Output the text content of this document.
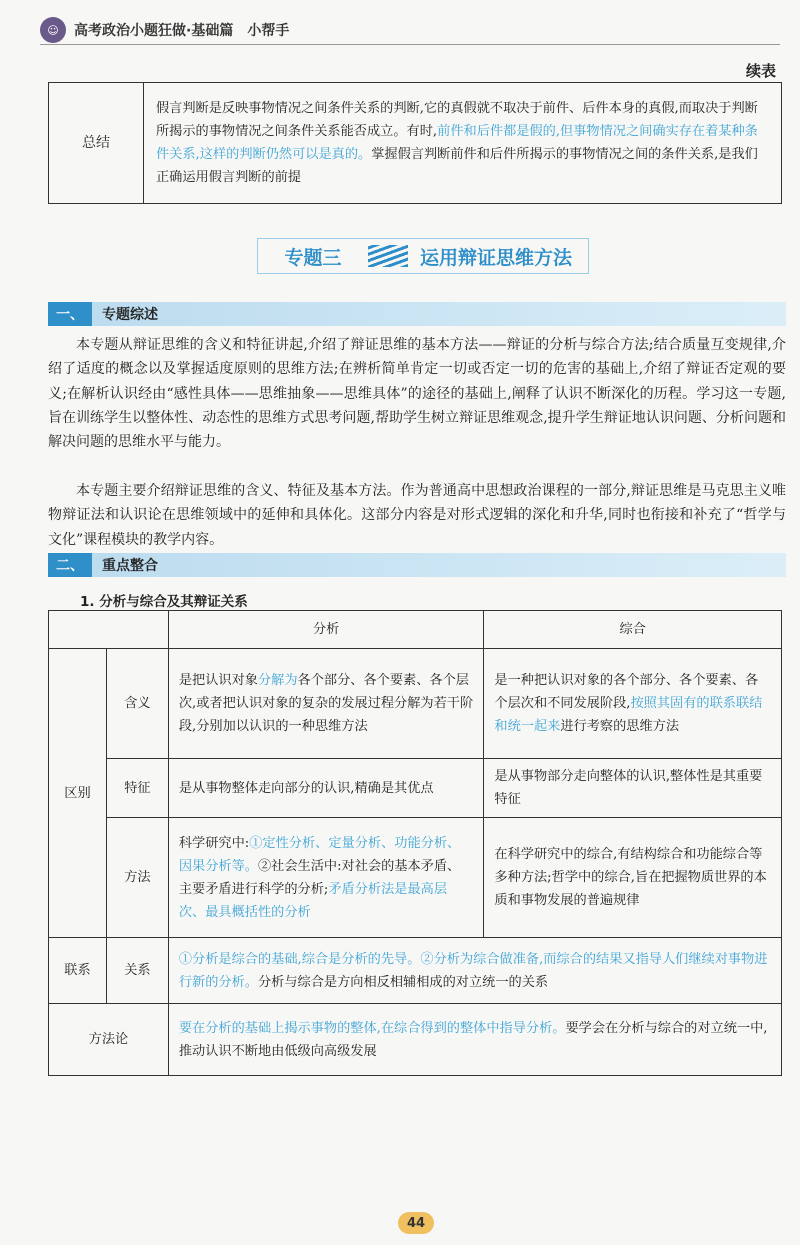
☺	高考政治小题狂做·基础篇　小帮手
续表
总结	假言判断是反映事物情况之间条件关系的判断,它的真假就不取决于前件、后件本身的真假,而取决于判断所揭示的事物情况之间条件关系能否成立。有时,前件和后件都是假的,但事物情况之间确实存在着某种条件关系,这样的判断仍然可以是真的。掌握假言判断前件和后件所揭示的事物情况之间的条件关系,是我们正确运用假言判断的前提
专题三	运用辩证思维方法
一、	专题综述
本专题从辩证思维的含义和特征讲起,介绍了辩证思维的基本方法——辩证的分析与综合方法;结合质量互变规律,介绍了适度的概念以及掌握适度原则的思维方法;在辨析简单肯定一切或否定一切的危害的基础上,介绍了辩证否定观的要义;在解析认识经由“感性具体——思维抽象——思维具体”的途径的基础上,阐释了认识不断深化的历程。学习这一专题,旨在训练学生以整体性、动态性的思维方式思考问题,帮助学生树立辩证思维观念,提升学生辩证地认识问题、分析问题和解决问题的思维水平与能力。
本专题主要介绍辩证思维的含义、特征及基本方法。作为普通高中思想政治课程的一部分,辩证思维是马克思主义唯物辩证法和认识论在思维领域中的延伸和具体化。这部分内容是对形式逻辑的深化和升华,同时也衔接和补充了“哲学与文化”课程模块的教学内容。
二、	重点整合
1. 分析与综合及其辩证关系
		分析	综合
区别	含义	是把认识对象分解为各个部分、各个要素、各个层次,或者把认识对象的复杂的发展过程分解为若干阶段,分别加以认识的一种思维方法	是一种把认识对象的各个部分、各个要素、各个层次和不同发展阶段,按照其固有的联系联结和统一起来进行考察的思维方法
	特征	是从事物整体走向部分的认识,精确是其优点	是从事物部分走向整体的认识,整体性是其重要特征
	方法	科学研究中:①定性分析、定量分析、功能分析、因果分析等。②社会生活中:对社会的基本矛盾、主要矛盾进行科学的分析;矛盾分析法是最高层次、最具概括性的分析	在科学研究中的综合,有结构综合和功能综合等多种方法;哲学中的综合,旨在把握物质世界的本质和事物发展的普遍规律
联系	关系	①分析是综合的基础,综合是分析的先导。②分析为综合做准备,而综合的结果又指导人们继续对事物进行新的分析。分析与综合是方向相反相辅相成的对立统一的关系	
方法论		要在分析的基础上揭示事物的整体,在综合得到的整体中指导分析。要学会在分析与综合的对立统一中,推动认识不断地由低级向高级发展	
44
